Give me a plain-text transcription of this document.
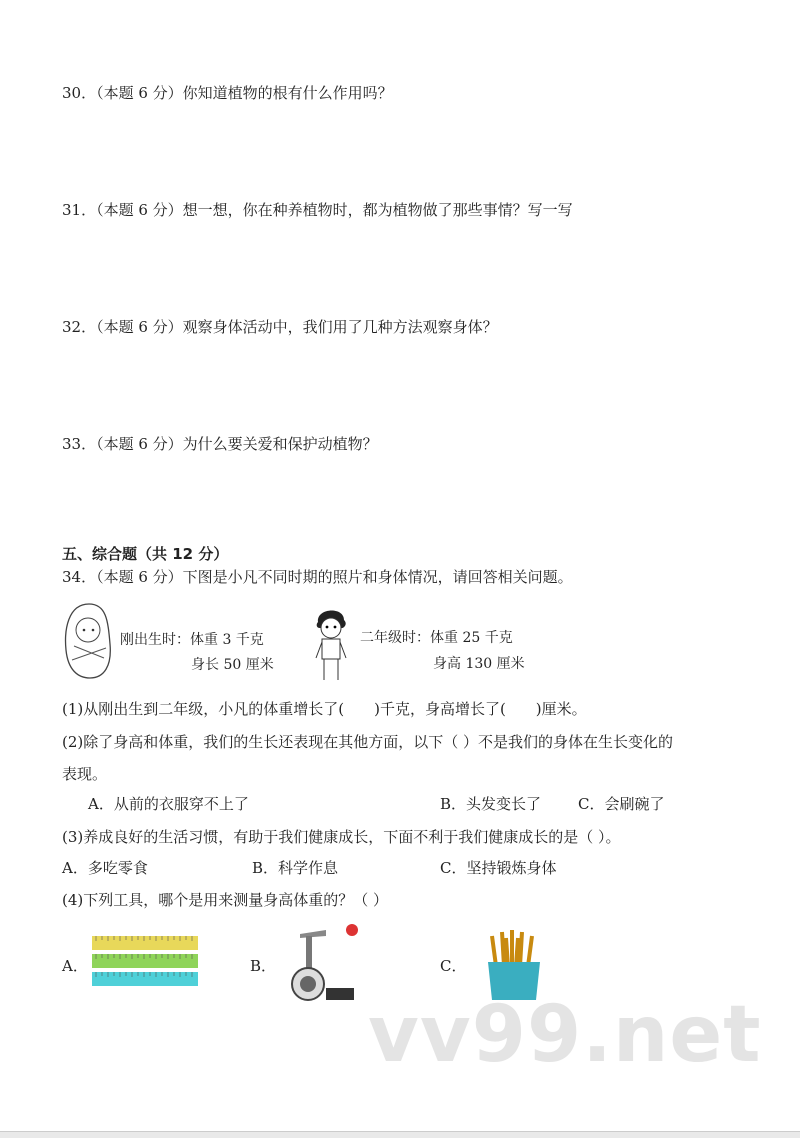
30．（本题 6 分）你知道植物的根有什么作用吗？
31．（本题 6 分）想一想，你在种养植物时，都为植物做了那些事情？写一写
32．（本题 6 分）观察身体活动中，我们用了几种方法观察身体？
33．（本题 6 分）为什么要关爱和保护动植物？
五、综合题（共 12 分）
34．（本题 6 分）下图是小凡不同时期的照片和身体情况，请回答相关问题。
刚出生时：体重 3 千克
身长 50 厘米
二年级时：体重 25 千克
身高 130 厘米
(1)从刚出生到二年级，小凡的体重增长了(　　)千克，身高增长了(　　)厘米。
(2)除了身高和体重，我们的生长还表现在其他方面，以下（ ）不是我们的身体在生长变化的
表现。
A．从前的衣服穿不上了	B．头发变长了 C．会刷碗了
(3)养成良好的生活习惯，有助于我们健康成长，下面不利于我们健康成长的是（ ）。
A．多吃零食	B．科学作息	C．坚持锻炼身体
(4)下列工具，哪个是用来测量身高体重的？（ ）
A．	B．	C．
vv99.net
